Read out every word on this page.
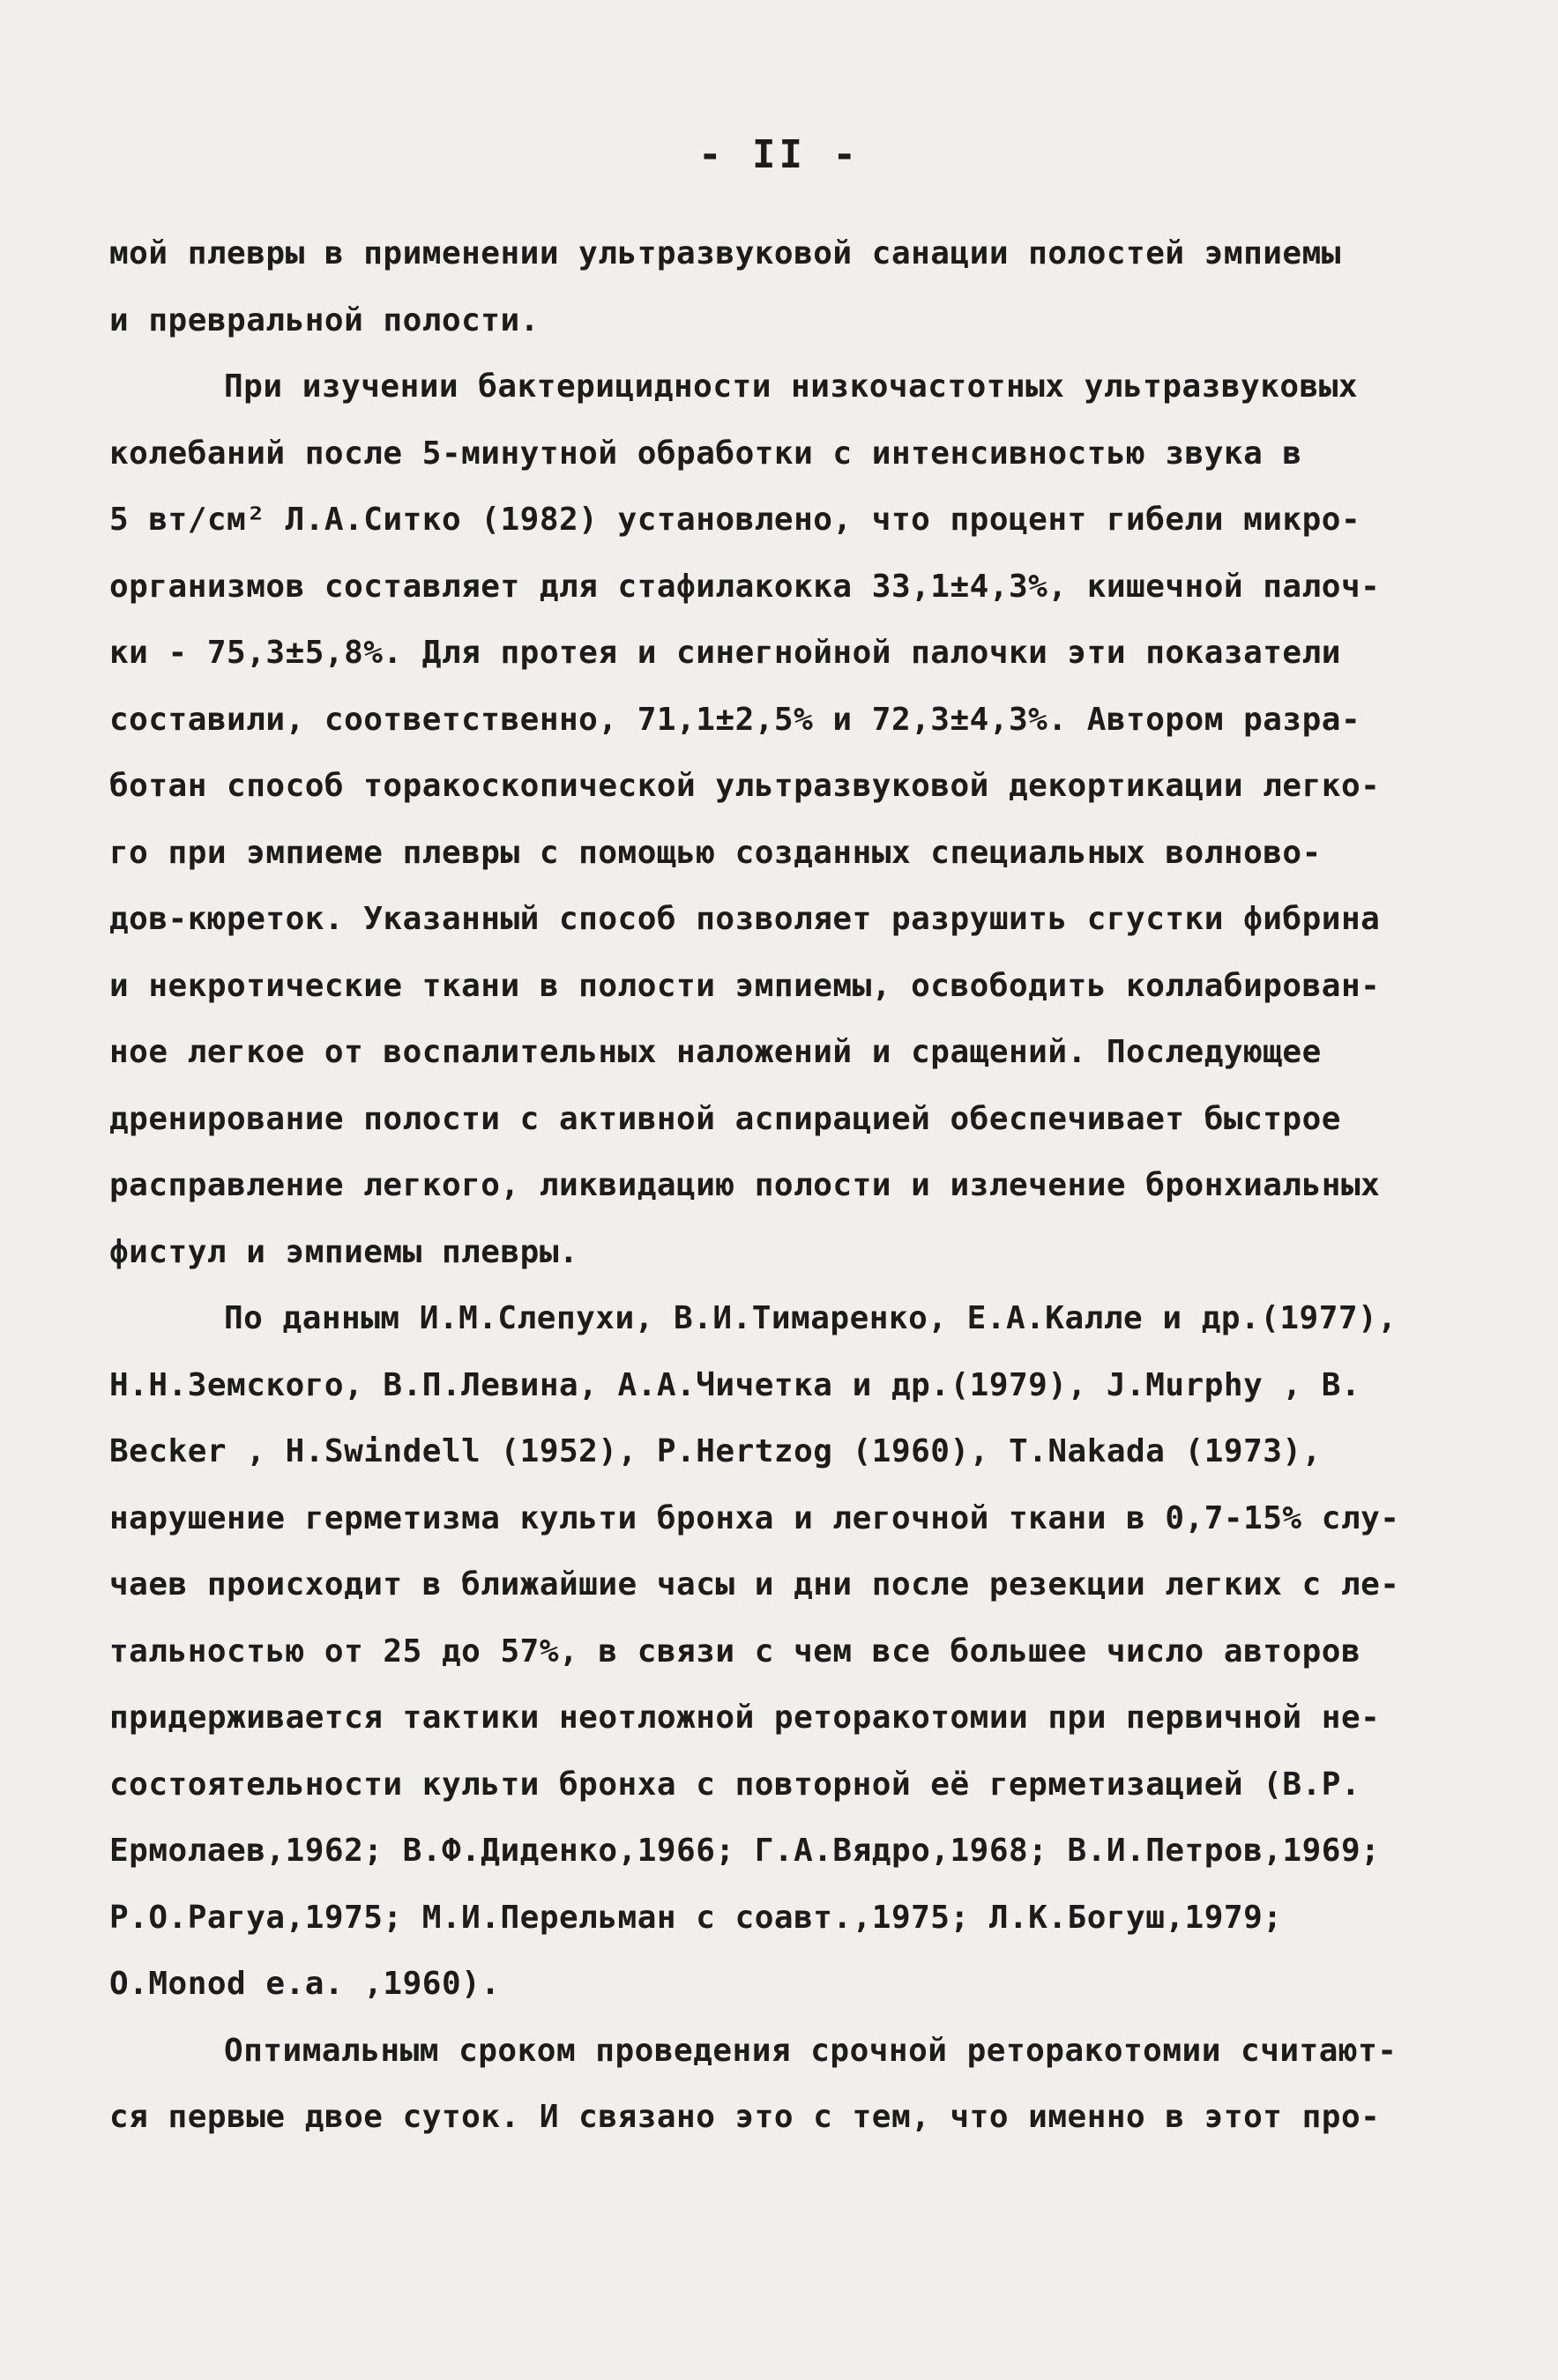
- II -
мой плевры в применении ультразвуковой санации полостей эмпиемы
и превральной полости.
При изучении бактерицидности низкочастотных ультразвуковых
колебаний после 5-минутной обработки с интенсивностью звука в
5 вт/см² Л.А.Ситко (1982) установлено, что процент гибели микро-
организмов составляет для стафилакокка 33,1±4,3%, кишечной палоч-
ки - 75,3±5,8%. Для протея и синегнойной палочки эти показатели
составили, соответственно, 71,1±2,5% и 72,3±4,3%. Автором разра-
ботан способ торакоскопической ультразвуковой декортикации легко-
го при эмпиеме плевры с помощью созданных специальных волново-
дов-кюреток. Указанный способ позволяет разрушить сгустки фибрина
и некротические ткани в полости эмпиемы, освободить коллабирован-
ное легкое от воспалительных наложений и сращений. Последующее
дренирование полости с активной аспирацией обеспечивает быстрое
расправление легкого, ликвидацию полости и излечение бронхиальных
фистул и эмпиемы плевры.
По данным И.М.Слепухи, В.И.Тимаренко, Е.А.Калле и др.(1977),
Н.Н.Земского, В.П.Левина, А.А.Чичетка и др.(1979), J.Murphy , B.
Becker , H.Swindell (1952), P.Hertzog (1960), T.Nakada (1973),
нарушение герметизма культи бронха и легочной ткани в 0,7-15% слу-
чаев происходит в ближайшие часы и дни после резекции легких с ле-
тальностью от 25 до 57%, в связи с чем все большее число авторов
придерживается тактики неотложной реторакотомии при первичной не-
состоятельности культи бронха с повторной её герметизацией (В.Р.
Ермолаев,1962; В.Ф.Диденко,1966; Г.А.Вядро,1968; В.И.Петров,1969;
Р.О.Рагуа,1975; М.И.Перельман с соавт.,1975; Л.К.Богуш,1979;
O.Monod e.a. ,1960).
Оптимальным сроком проведения срочной реторакотомии считают-
ся первые двое суток. И связано это с тем, что именно в этот про-
